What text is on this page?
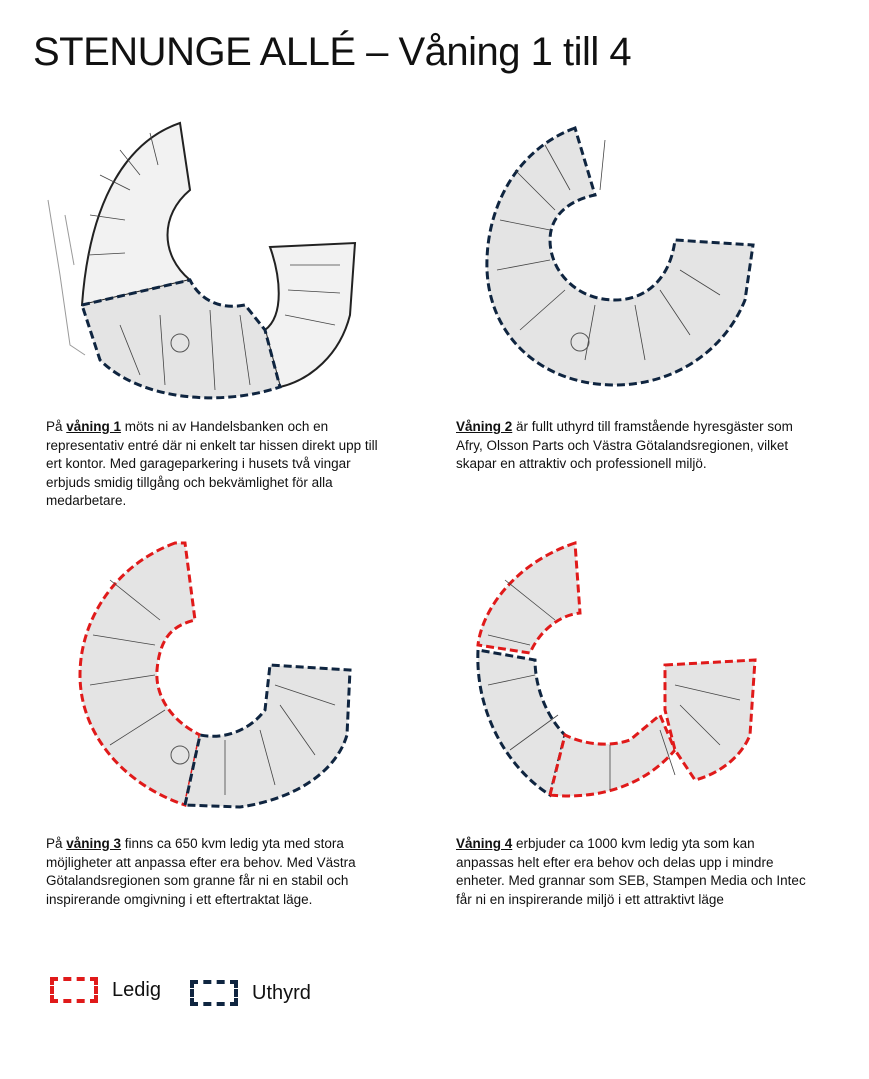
STENUNGE ALLÉ – Våning 1 till 4

På våning 1 möts ni av Handelsbanken och en representativ entré där ni enkelt tar hissen direkt upp till ert kontor. Med garageparkering i husets två vingar erbjuds smidig tillgång och bekvämlighet för alla medarbetare.

Våning 2 är fullt uthyrd till framstående hyresgäster som Afry, Olsson Parts och Västra Götalandsregionen, vilket skapar en attraktiv och professionell miljö.

På våning 3 finns ca 650 kvm ledig yta med stora möjligheter att anpassa efter era behov. Med Västra Götalandsregionen som granne får ni en stabil och inspirerande omgivning i ett eftertraktat läge.

Våning 4 erbjuder ca 1000 kvm ledig yta som kan anpassas helt efter era behov och delas upp i mindre enheter. Med grannar som SEB, Stampen Media och Intec får ni en inspirerande miljö i ett attraktivt läge

Ledig	Uthyrd
